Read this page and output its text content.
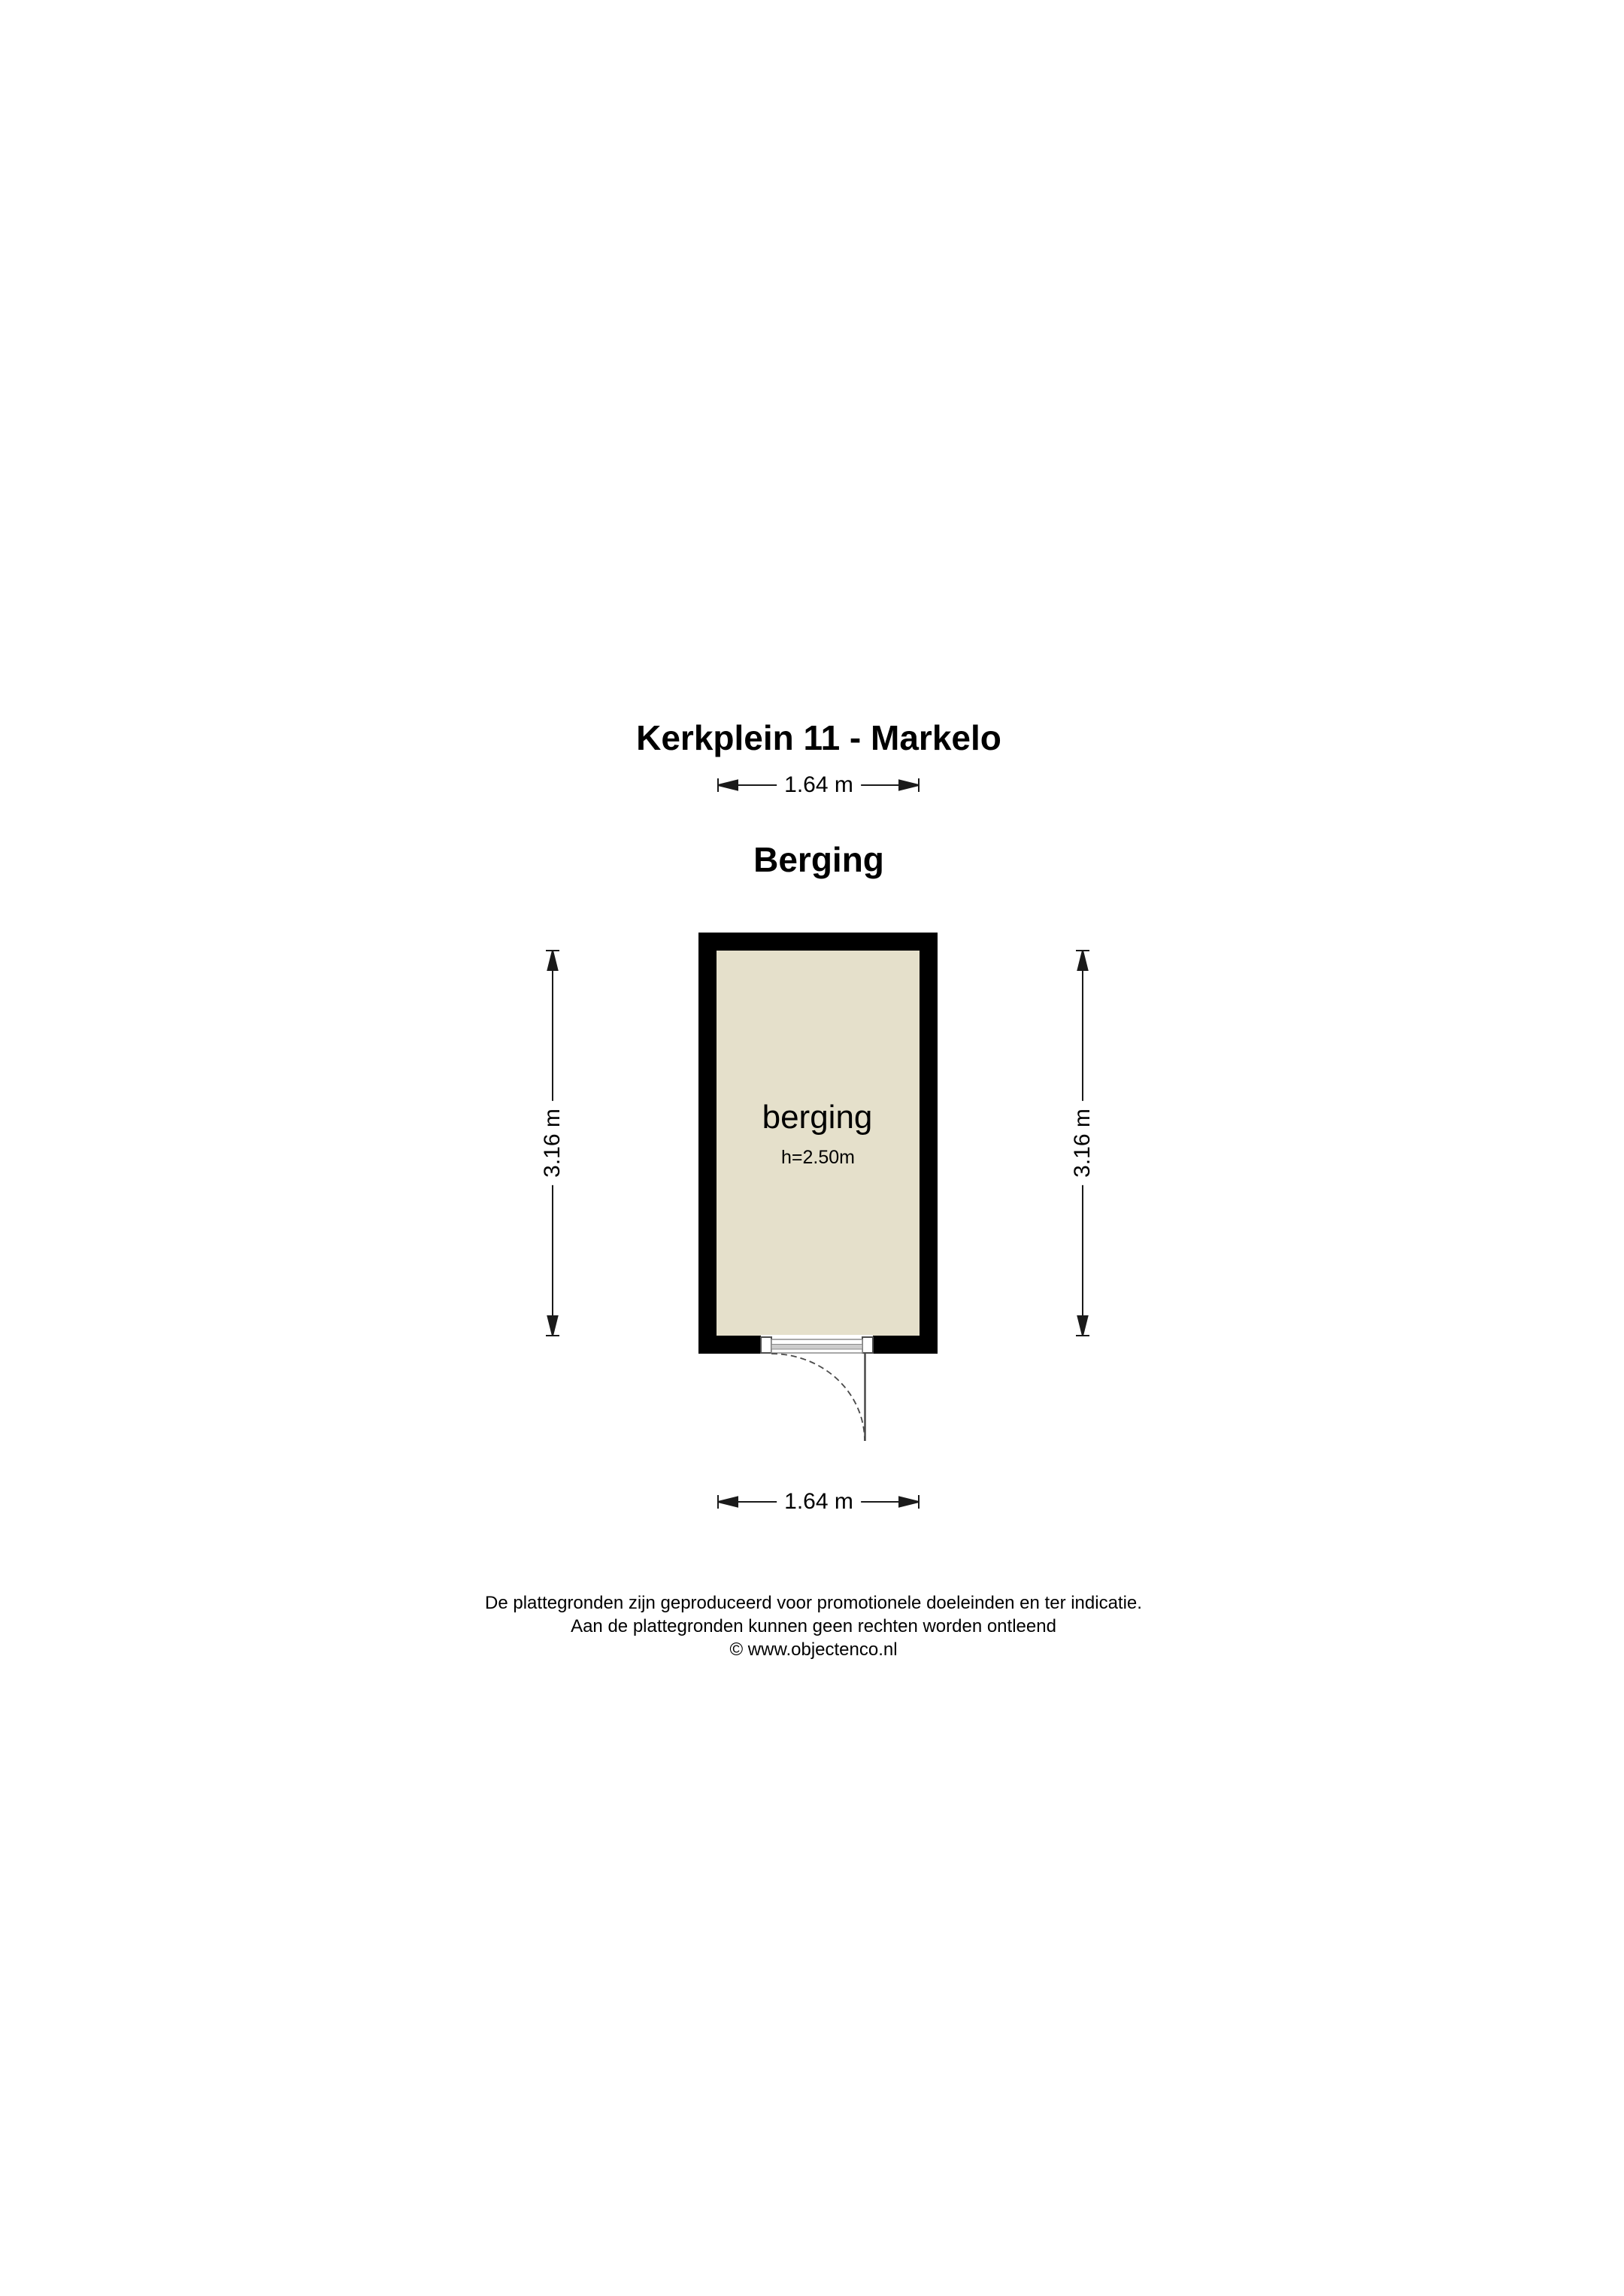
Kerkplein 11 - Markelo

Berging

1.64 m
1.64 m
3.16 m	3.16 m
berging
h=2.50m
De plattegronden zijn geproduceerd voor promotionele doeleinden en ter indicatie.
Aan de plattegronden kunnen geen rechten worden ontleend
© www.objectenco.nl
